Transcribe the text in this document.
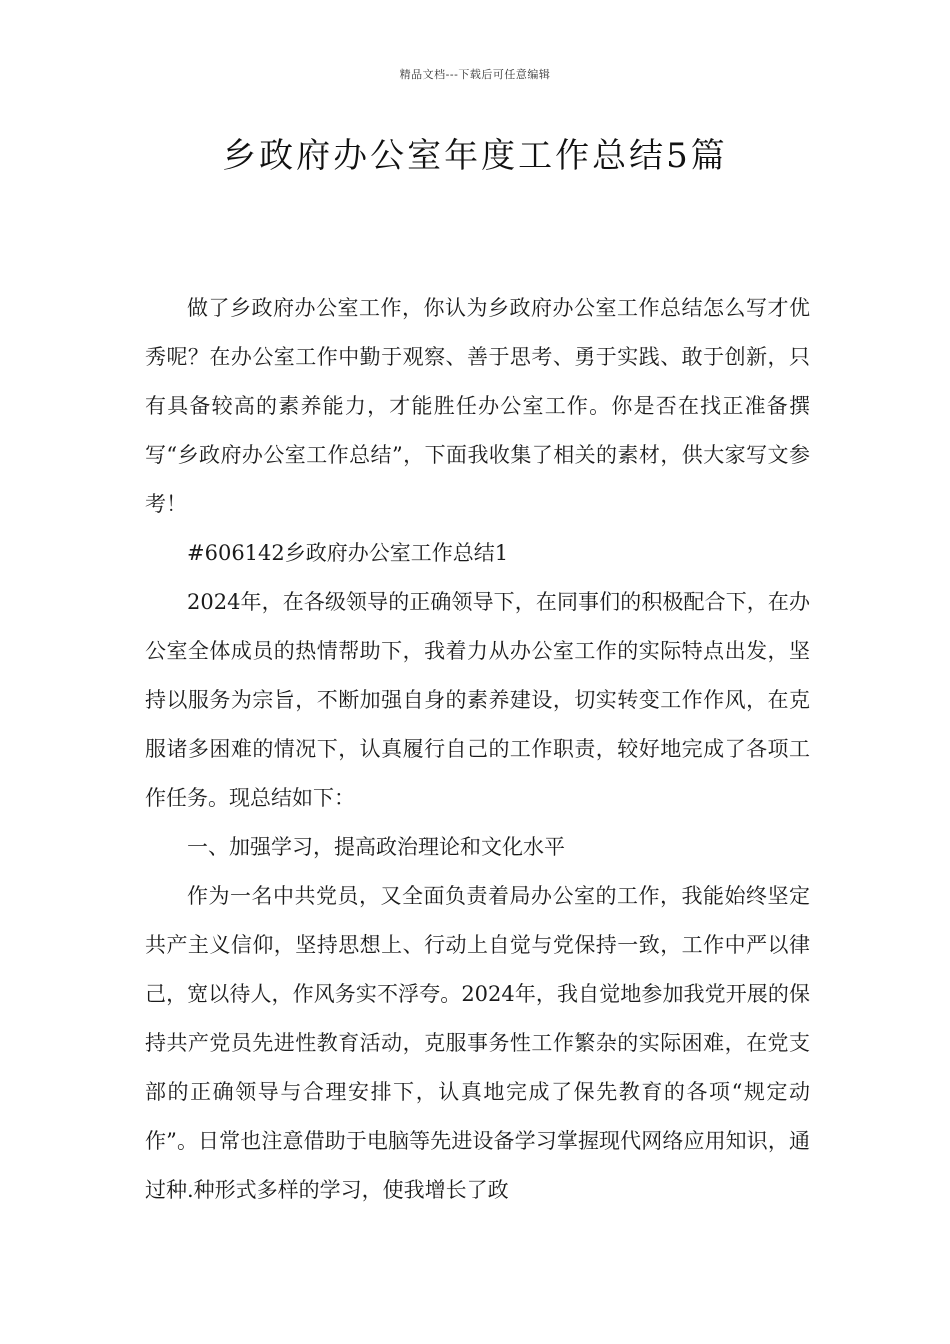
精品文档---下载后可任意编辑
乡政府办公室年度工作总结5篇

做了乡政府办公室工作，你认为乡政府办公室工作总结怎么写才优秀呢？在办公室工作中勤于观察、善于思考、勇于实践、敢于创新，只有具备较高的素养能力，才能胜任办公室工作。你是否在找正准备撰写“乡政府办公室工作总结”，下面我收集了相关的素材，供大家写文参考！

#606142乡政府办公室工作总结1

2024年，在各级领导的正确领导下，在同事们的积极配合下，在办公室全体成员的热情帮助下，我着力从办公室工作的实际特点出发，坚持以服务为宗旨，不断加强自身的素养建设，切实转变工作作风，在克服诸多困难的情况下，认真履行自己的工作职责，较好地完成了各项工作任务。现总结如下：

一、加强学习，提高政治理论和文化水平

作为一名中共党员，又全面负责着局办公室的工作，我能始终坚定共产主义信仰，坚持思想上、行动上自觉与党保持一致，工作中严以律己，宽以待人，作风务实不浮夸。2024年，我自觉地参加我党开展的保持共产党员先进性教育活动，克服事务性工作繁杂的实际困难，在党支部的正确领导与合理安排下，认真地完成了保先教育的各项“规定动作”。日常也注意借助于电脑等先进设备学习掌握现代网络应用知识，通过种.种形式多样的学习，使我增长了政
